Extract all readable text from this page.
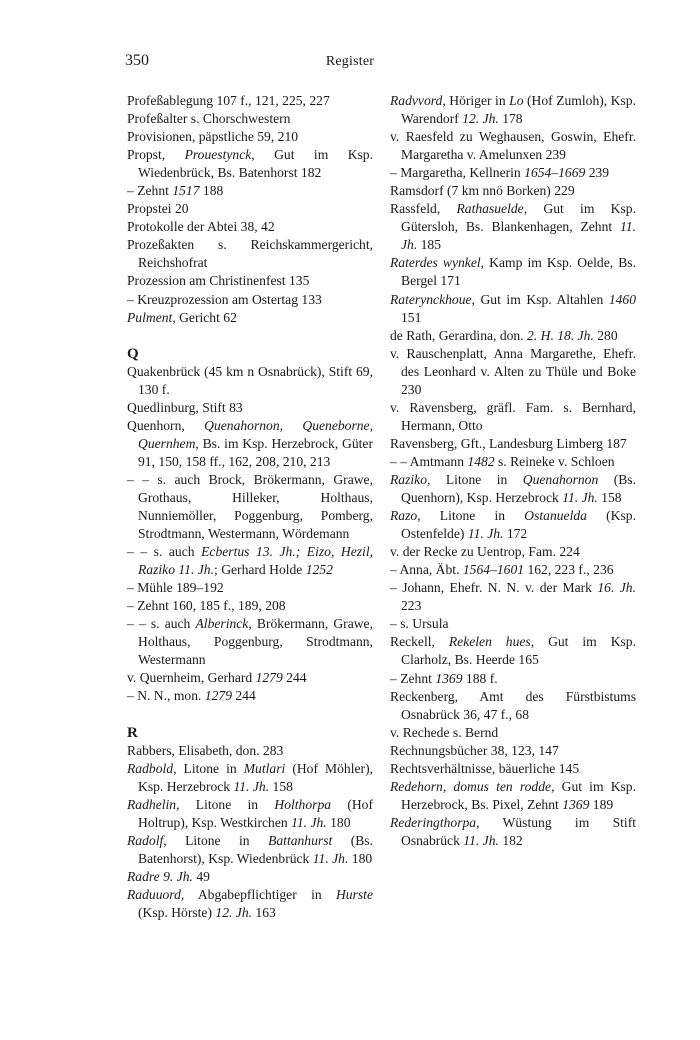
350	Register
Profeßablegung 107 f., 121, 225, 227
Profeßalter s. Chorschwestern
Provisionen, päpstliche 59, 210
Propst, Prouestynck, Gut im Ksp. Wiedenbrück, Bs. Batenhorst 182
– Zehnt 1517 188
Propstei 20
Protokolle der Abtei 38, 42
Prozeßakten s. Reichskammergericht, Reichshofrat
Prozession am Christinenfest 135
– Kreuzprozession am Ostertag 133
Pulment, Gericht 62
Q
Quakenbrück (45 km n Osnabrück), Stift 69, 130 f.
Quedlinburg, Stift 83
Quenhorn, Quenahornon, Queneborne, Quernhem, Bs. im Ksp. Herzebrock, Güter 91, 150, 158 ff., 162, 208, 210, 213
– – s. auch Brock, Brökermann, Grawe, Grothaus, Hilleker, Holthaus, Nunniemöller, Poggenburg, Pomberg, Strodtmann, Westermann, Wördemann
– – s. auch Ecbertus 13. Jh.; Eizo, Hezil, Raziko 11. Jh.; Gerhard Holde 1252
– Mühle 189–192
– Zehnt 160, 185 f., 189, 208
– – s. auch Alberinck, Brökermann, Grawe, Holthaus, Poggenburg, Strodtmann, Westermann
v. Quernheim, Gerhard 1279 244
– N. N., mon. 1279 244
R
Rabbers, Elisabeth, don. 283
Radbold, Litone in Mutlari (Hof Möhler), Ksp. Herzebrock 11. Jh. 158
Radhelin, Litone in Holthorpa (Hof Holtrup), Ksp. Westkirchen 11. Jh. 180
Radolf, Litone in Battanhurst (Bs. Batenhorst), Ksp. Wiedenbrück 11. Jh. 180
Radre 9. Jh. 49
Raduuord, Abgabepflichtiger in Hurste (Ksp. Hörste) 12. Jh. 163
Radvvord, Höriger in Lo (Hof Zumloh), Ksp. Warendorf 12. Jh. 178
v. Raesfeld zu Weghausen, Goswin, Ehefr. Margaretha v. Amelunxen 239
– Margaretha, Kellnerin 1654–1669 239
Ramsdorf (7 km nnö Borken) 229
Rassfeld, Rathasuelde, Gut im Ksp. Gütersloh, Bs. Blankenhagen, Zehnt 11. Jh. 185
Raterdes wynkel, Kamp im Ksp. Oelde, Bs. Bergel 171
Raterynckhoue, Gut im Ksp. Altahlen 1460 151
de Rath, Gerardina, don. 2. H. 18. Jh. 280
v. Rauschenplatt, Anna Margarethe, Ehefr. des Leonhard v. Alten zu Thüle und Boke 230
v. Ravensberg, gräfl. Fam. s. Bernhard, Hermann, Otto
Ravensberg, Gft., Landesburg Limberg 187
– – Amtmann 1482 s. Reineke v. Schloen
Raziko, Litone in Quenahornon (Bs. Quenhorn), Ksp. Herzebrock 11. Jh. 158
Razo, Litone in Ostanuelda (Ksp. Ostenfelde) 11. Jh. 172
v. der Recke zu Uentrop, Fam. 224
– Anna, Äbt. 1564–1601 162, 223 f., 236
– Johann, Ehefr. N. N. v. der Mark 16. Jh. 223
– s. Ursula
Reckell, Rekelen hues, Gut im Ksp. Clarholz, Bs. Heerde 165
– Zehnt 1369 188 f.
Reckenberg, Amt des Fürstbistums Osnabrück 36, 47 f., 68
v. Rechede s. Bernd
Rechnungsbücher 38, 123, 147
Rechtsverhältnisse, bäuerliche 145
Redehorn, domus ten rodde, Gut im Ksp. Herzebrock, Bs. Pixel, Zehnt 1369 189
Rederingthorpa, Wüstung im Stift Osnabrück 11. Jh. 182
